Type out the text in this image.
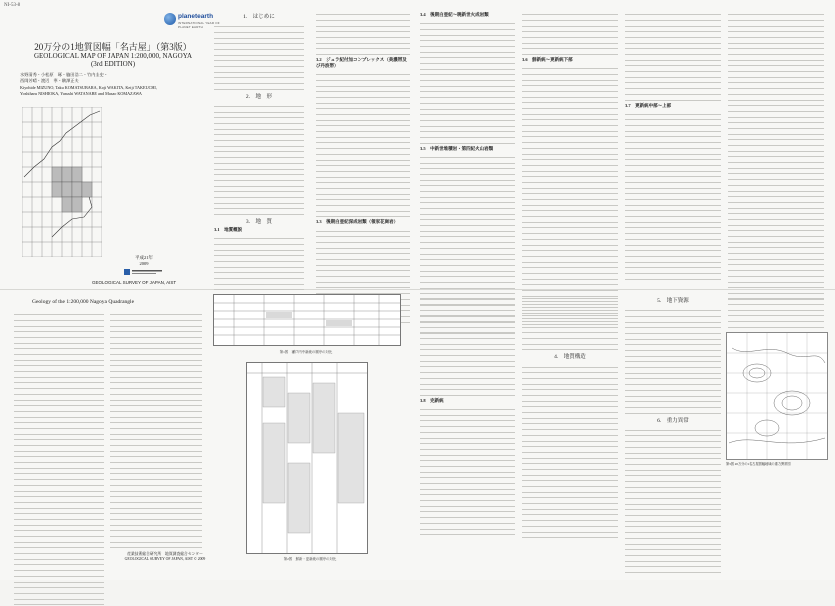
NI-53-8
planetearth
INTERNATIONAL YEAR OF PLANET EARTH
20万分の1地質図幅「名古屋」（第3版）
GEOLOGICAL MAP OF JAPAN 1:200,000, NAGOYA
(3rd EDITION)
水野清秀・小松原　琢・脇田浩二・竹内圭史・
西岡芳晴・渡辺　寧・駒澤正夫
Kiyohide MIZUNO, Taku KOMATSUBARA, Koji WAKITA, Keiji TAKEUCHI,
Yoshiharu NISHIOKA, Yasushi WATANABE and Masao KOMAZAWA
平成21年
2009
GEOLOGICAL SURVEY OF JAPAN, AIST
1.　はじめに
2.　地　形
3.　地　質
3.1　地質概説
3.2　ジュラ紀付加コンプレックス（美濃帯及び丹波帯）
3.3　後期白亜紀深成岩類（領家花崗岩）
3.4　後期白亜紀〜暁新世火成岩類
3.5　中新世堆積岩・第四紀火山岩類
3.6　鮮新統〜更新統下部
3.7　更新統中部〜上部
Geology of the 1:200,000 Nagoya Quadrangle
第1図　瀬戸内中新統の層序の対比
第2図　鮮新・更新統の層序の対比
3.8　完新統
4.　地質構造
5.　地下資源
6.　重力異常
第3図 20万分の1名古屋図幅地域の重力異常図
産業技術総合研究所　地質調査総合センター
GEOLOGICAL SURVEY OF JAPAN, AIST © 2009
